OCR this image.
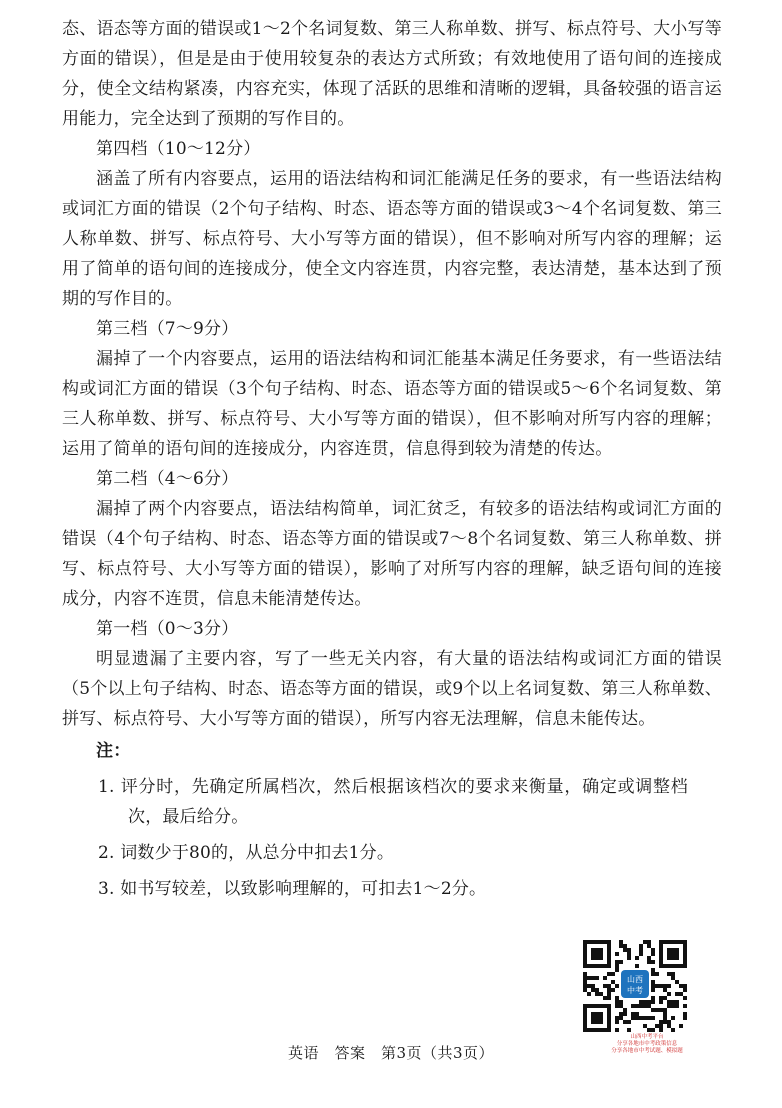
态、语态等方面的错误或1～2个名词复数、第三人称单数、拼写、标点符号、大小写等方面的错误），但是是由于使用较复杂的表达方式所致；有效地使用了语句间的连接成分，使全文结构紧凑，内容充实，体现了活跃的思维和清晰的逻辑，具备较强的语言运用能力，完全达到了预期的写作目的。

第四档（10～12分）

涵盖了所有内容要点，运用的语法结构和词汇能满足任务的要求，有一些语法结构或词汇方面的错误（2个句子结构、时态、语态等方面的错误或3～4个名词复数、第三人称单数、拼写、标点符号、大小写等方面的错误），但不影响对所写内容的理解；运用了简单的语句间的连接成分，使全文内容连贯，内容完整，表达清楚，基本达到了预期的写作目的。

第三档（7～9分）

漏掉了一个内容要点，运用的语法结构和词汇能基本满足任务要求，有一些语法结构或词汇方面的错误（3个句子结构、时态、语态等方面的错误或5～6个名词复数、第三人称单数、拼写、标点符号、大小写等方面的错误），但不影响对所写内容的理解；运用了简单的语句间的连接成分，内容连贯，信息得到较为清楚的传达。

第二档（4～6分）

漏掉了两个内容要点，语法结构简单，词汇贫乏，有较多的语法结构或词汇方面的错误（4个句子结构、时态、语态等方面的错误或7～8个名词复数、第三人称单数、拼写、标点符号、大小写等方面的错误），影响了对所写内容的理解，缺乏语句间的连接成分，内容不连贯，信息未能清楚传达。

第一档（0～3分）

明显遗漏了主要内容，写了一些无关内容，有大量的语法结构或词汇方面的错误（5个以上句子结构、时态、语态等方面的错误，或9个以上名词复数、第三人称单数、拼写、标点符号、大小写等方面的错误），所写内容无法理解，信息未能传达。

注：

1. 评分时，先确定所属档次，然后根据该档次的要求来衡量，确定或调整档次，最后给分。

2. 词数少于80的，从总分中扣去1分。

3. 如书写较差，以致影响理解的，可扣去1～2分。

山西
中考
山西中考平台
分享各地市中考政策信息
分享各地市中考试题、模拟题
英语　答案　第3页（共3页）
